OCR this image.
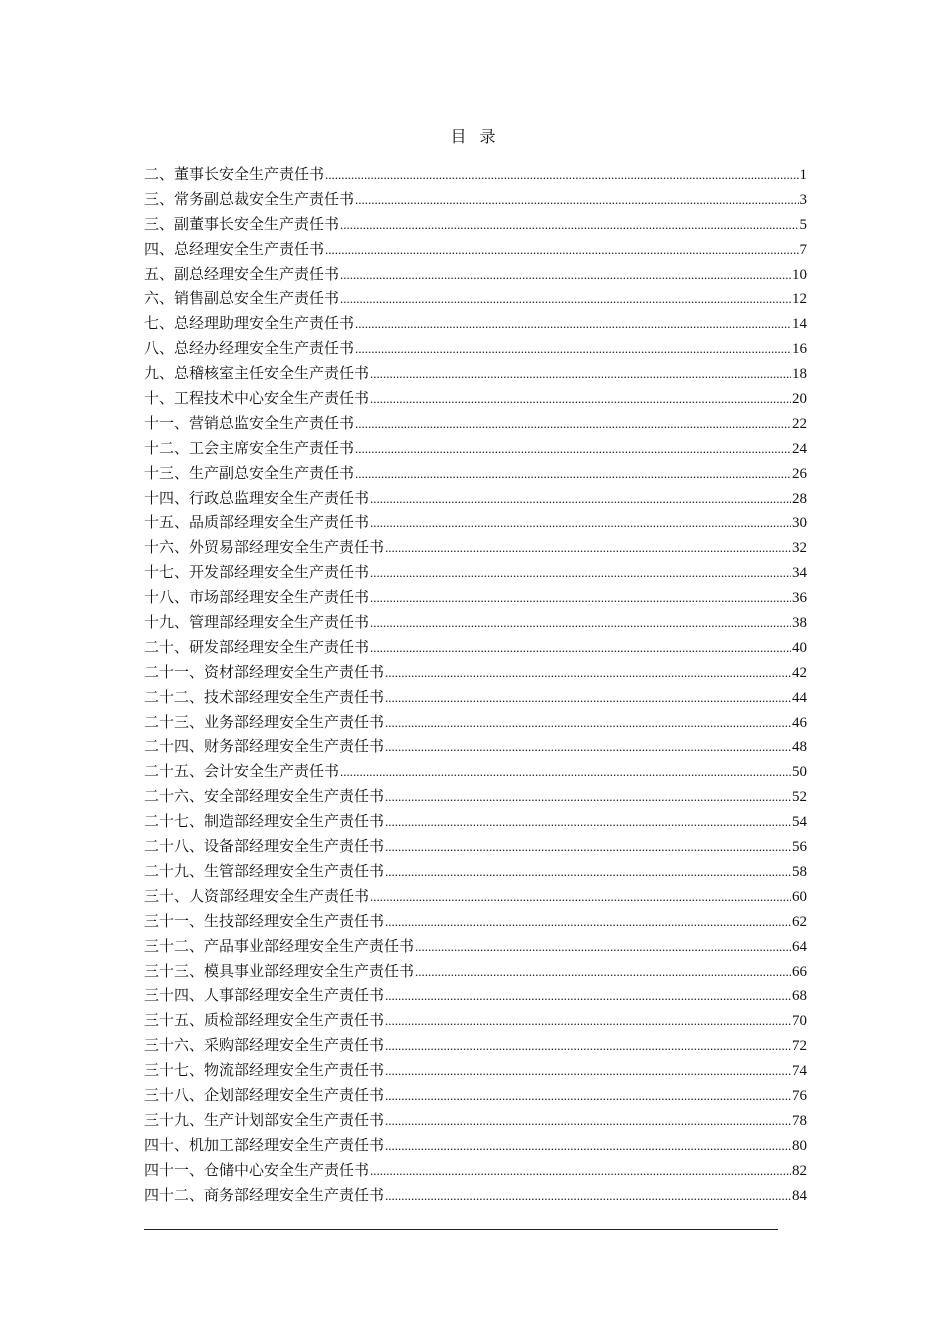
目 录
二、董事长安全生产责任书 .....	1
三、常务副总裁安全生产责任书 .....	3
三、副董事长安全生产责任书 .....	5
四、总经理安全生产责任书 .....	7
五、副总经理安全生产责任书 .....	10
六、销售副总安全生产责任书 .....	12
七、总经理助理安全生产责任书 .....	14
八、总经办经理安全生产责任书 .....	16
九、总稽核室主任安全生产责任书 .....	18
十、工程技术中心安全生产责任书 .....	20
十一、营销总监安全生产责任书 .....	22
十二、工会主席安全生产责任书 .....	24
十三、生产副总安全生产责任书 .....	26
十四、行政总监理安全生产责任书 .....	28
十五、品质部经理安全生产责任书 .....	30
十六、外贸易部经理安全生产责任书 .....	32
十七、开发部经理安全生产责任书 .....	34
十八、市场部经理安全生产责任书 .....	36
十九、管理部经理安全生产责任书 .....	38
二十、研发部经理安全生产责任书 .....	40
二十一、资材部经理安全生产责任书 .....	42
二十二、技术部经理安全生产责任书 .....	44
二十三、业务部经理安全生产责任书 .....	46
二十四、财务部经理安全生产责任书 .....	48
二十五、会计安全生产责任书 .....	50
二十六、安全部经理安全生产责任书 .....	52
二十七、制造部经理安全生产责任书 .....	54
二十八、设备部经理安全生产责任书 .....	56
二十九、生管部经理安全生产责任书 .....	58
三十、人资部经理安全生产责任书 .....	60
三十一、生技部经理安全生产责任书 .....	62
三十二、产品事业部经理安全生产责任书 .....	64
三十三、模具事业部经理安全生产责任书 .....	66
三十四、人事部经理安全生产责任书 .....	68
三十五、质检部经理安全生产责任书 .....	70
三十六、采购部经理安全生产责任书 .....	72
三十七、物流部经理安全生产责任书 .....	74
三十八、企划部经理安全生产责任书 .....	76
三十九、生产计划部安全生产责任书 .....	78
四十、机加工部经理安全生产责任书 .....	80
四十一、仓储中心安全生产责任书 .....	82
四十二、商务部经理安全生产责任书 .....	84
